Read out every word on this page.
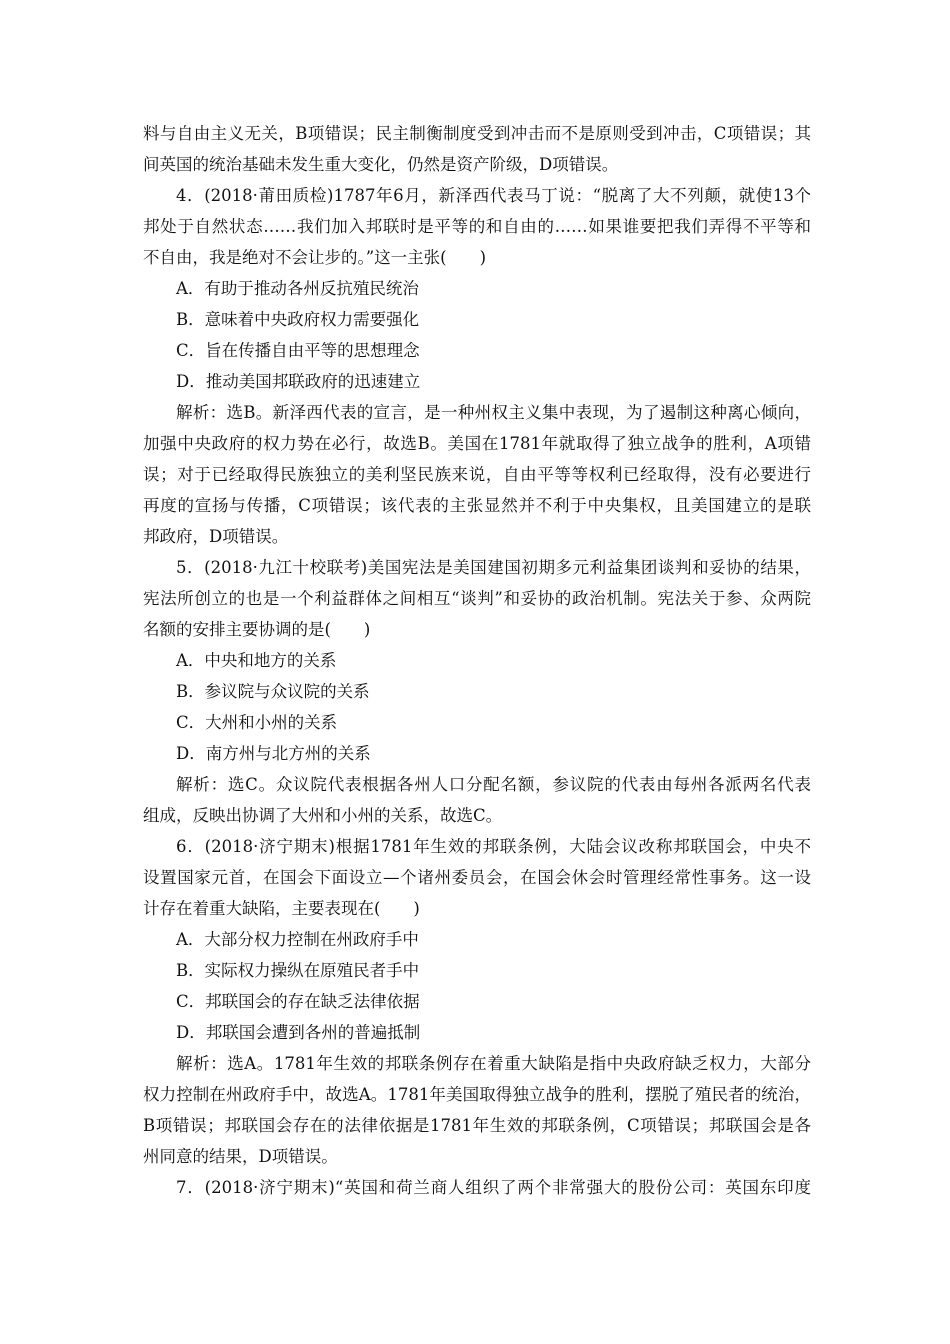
料与自由主义无关，B项错误；民主制衡制度受到冲击而不是原则受到冲击，C项错误；其
间英国的统治基础未发生重大变化，仍然是资产阶级，D项错误。
4．(2018·莆田质检)1787年6月，新泽西代表马丁说：“脱离了大不列颠，就使13个
邦处于自然状态……我们加入邦联时是平等的和自由的……如果谁要把我们弄得不平等和
不自由，我是绝对不会让步的。”这一主张(　　)
A．有助于推动各州反抗殖民统治
B．意味着中央政府权力需要强化
C．旨在传播自由平等的思想理念
D．推动美国邦联政府的迅速建立
解析：选B。新泽西代表的宣言，是一种州权主义集中表现，为了遏制这种离心倾向，
加强中央政府的权力势在必行，故选B。美国在1781年就取得了独立战争的胜利，A项错
误；对于已经取得民族独立的美利坚民族来说，自由平等等权利已经取得，没有必要进行
再度的宣扬与传播，C项错误；该代表的主张显然并不利于中央集权，且美国建立的是联
邦政府，D项错误。
5．(2018·九江十校联考)美国宪法是美国建国初期多元利益集团谈判和妥协的结果，
宪法所创立的也是一个利益群体之间相互“谈判”和妥协的政治机制。宪法关于参、众两院
名额的安排主要协调的是(　　)
A．中央和地方的关系
B．参议院与众议院的关系
C．大州和小州的关系
D．南方州与北方州的关系
解析：选C。众议院代表根据各州人口分配名额，参议院的代表由每州各派两名代表
组成，反映出协调了大州和小州的关系，故选C。
6．(2018·济宁期末)根据1781年生效的邦联条例，大陆会议改称邦联国会，中央不
设置国家元首，在国会下面设立—个诸州委员会，在国会休会时管理经常性事务。这一设
计存在着重大缺陷，主要表现在(　　)
A．大部分权力控制在州政府手中
B．实际权力操纵在原殖民者手中
C．邦联国会的存在缺乏法律依据
D．邦联国会遭到各州的普遍抵制
解析：选A。1781年生效的邦联条例存在着重大缺陷是指中央政府缺乏权力，大部分
权力控制在州政府手中，故选A。1781年美国取得独立战争的胜利，摆脱了殖民者的统治，
B项错误；邦联国会存在的法律依据是1781年生效的邦联条例，C项错误；邦联国会是各
州同意的结果，D项错误。
7．(2018·济宁期末)“英国和荷兰商人组织了两个非常强大的股份公司：英国东印度
